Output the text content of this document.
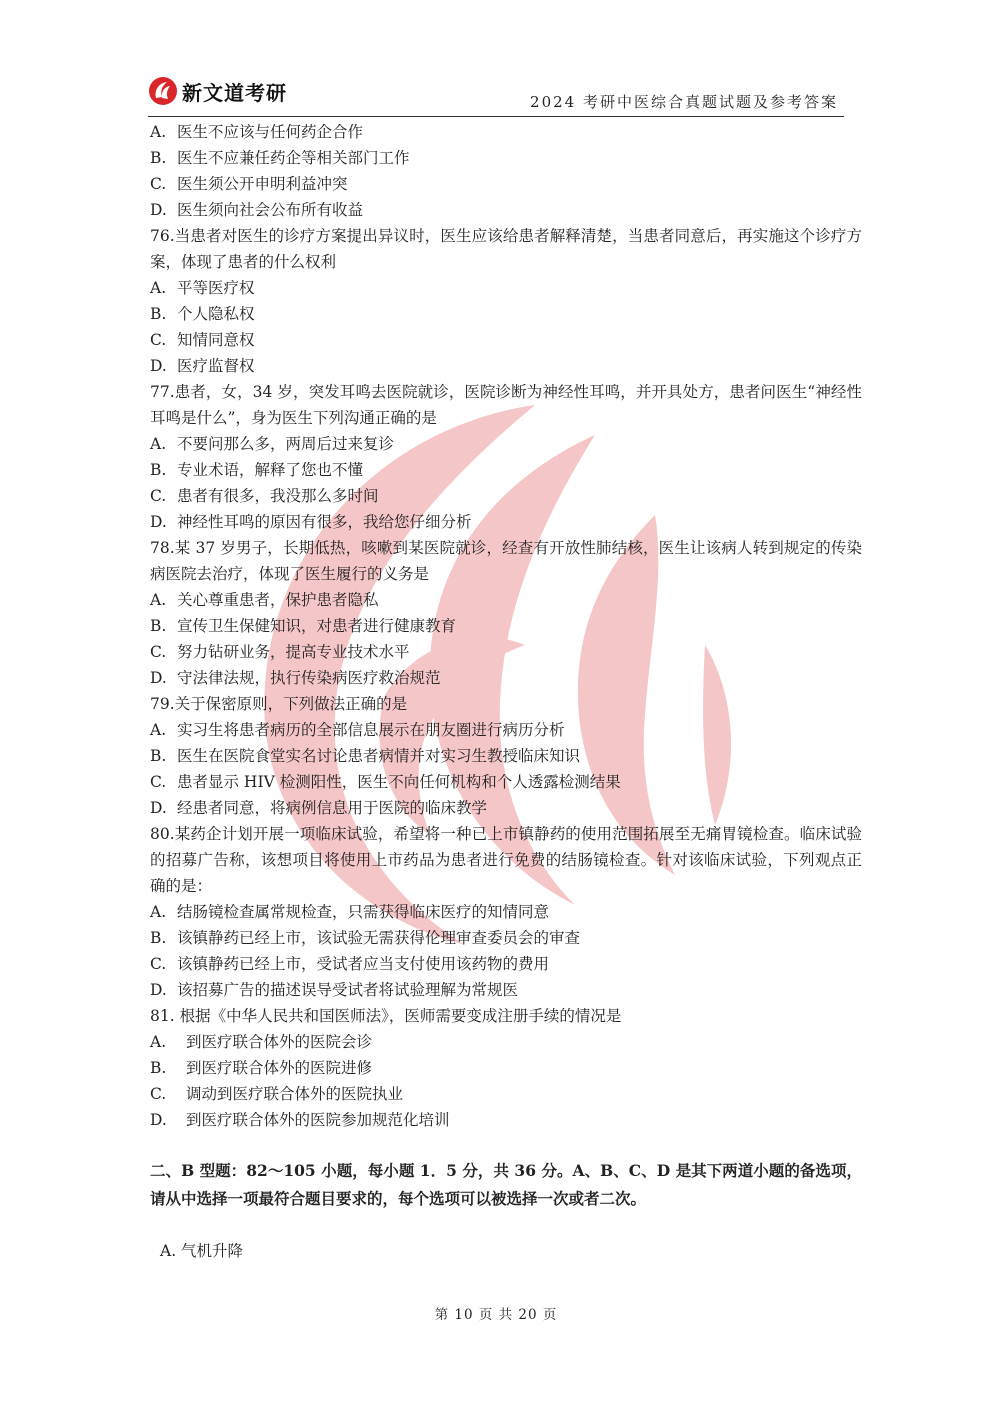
新文道考研	2024 考研中医综合真题试题及参考答案
A. 医生不应该与任何药企合作
B. 医生不应兼任药企等相关部门工作
C. 医生须公开申明利益冲突
D. 医生须向社会公布所有收益
76.当患者对医生的诊疗方案提出异议时，医生应该给患者解释清楚，当患者同意后，再实施这个诊疗方案，体现了患者的什么权利
A. 平等医疗权
B. 个人隐私权
C. 知情同意权
D. 医疗监督权
77.患者，女，34 岁，突发耳鸣去医院就诊，医院诊断为神经性耳鸣，并开具处方，患者问医生“神经性耳鸣是什么”，身为医生下列沟通正确的是
A. 不要问那么多，两周后过来复诊
B. 专业术语，解释了您也不懂
C. 患者有很多，我没那么多时间
D. 神经性耳鸣的原因有很多，我给您仔细分析
78.某 37 岁男子，长期低热，咳嗽到某医院就诊，经查有开放性肺结核，医生让该病人转到规定的传染病医院去治疗，体现了医生履行的义务是
A. 关心尊重患者，保护患者隐私
B. 宣传卫生保健知识，对患者进行健康教育
C. 努力钻研业务，提高专业技术水平
D. 守法律法规，执行传染病医疗救治规范
79.关于保密原则，下列做法正确的是
A. 实习生将患者病历的全部信息展示在朋友圈进行病历分析
B. 医生在医院食堂实名讨论患者病情并对实习生教授临床知识
C. 患者显示 HIV 检测阳性，医生不向任何机构和个人透露检测结果
D. 经患者同意，将病例信息用于医院的临床教学
80.某药企计划开展一项临床试验，希望将一种已上市镇静药的使用范围拓展至无痛胃镜检查。临床试验的招募广告称，该想项目将使用上市药品为患者进行免费的结肠镜检查。针对该临床试验，下列观点正确的是：
A. 结肠镜检查属常规检查，只需获得临床医疗的知情同意
B. 该镇静药已经上市，该试验无需获得伦理审查委员会的审查
C. 该镇静药已经上市，受试者应当支付使用该药物的费用
D. 该招募广告的描述误导受试者将试验理解为常规医
81. 根据《中华人民共和国医师法》，医师需要变成注册手续的情况是
A. 到医疗联合体外的医院会诊
B. 到医疗联合体外的医院进修
C. 调动到医疗联合体外的医院执业
D. 到医疗联合体外的医院参加规范化培训
二、B 型题：82～105 小题，每小题 1．5 分，共 36 分。A、B、C、D 是其下两道小题的备选项，请从中选择一项最符合题目要求的，每个选项可以被选择一次或者二次。
A. 气机升降
第 10 页 共 20 页
